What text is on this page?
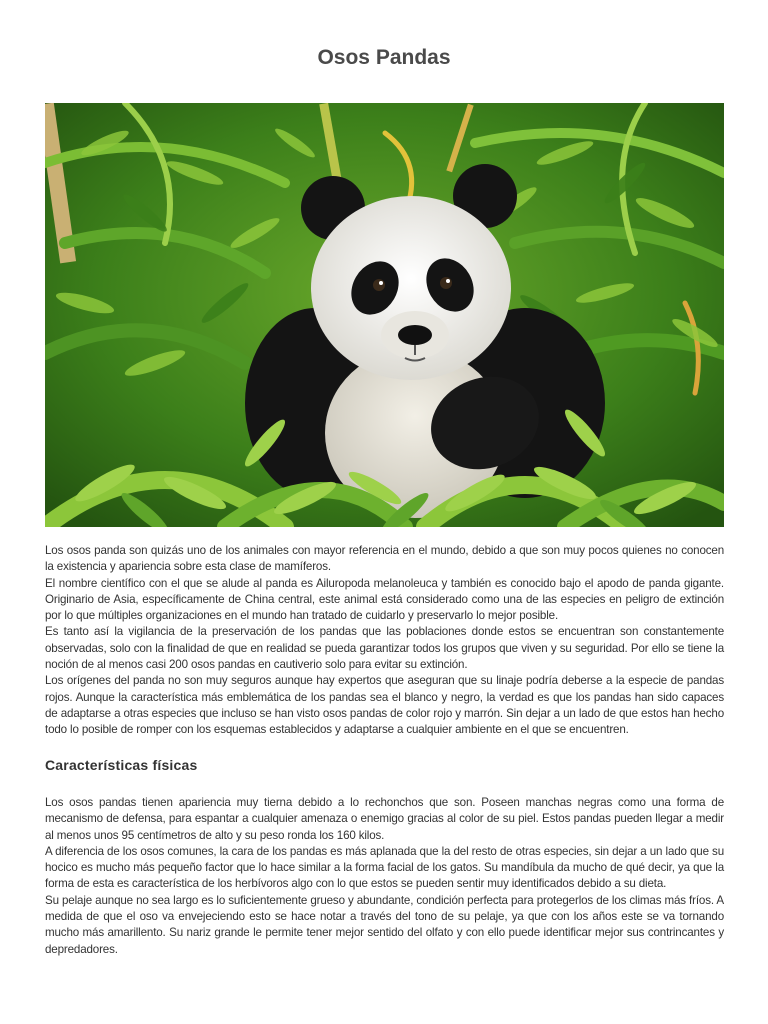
Osos Pandas

Los osos panda son quizás uno de los animales con mayor referencia en el mundo, debido a que son muy pocos quienes no conocen la existencia y apariencia sobre esta clase de mamíferos.

El nombre científico con el que se alude al panda es Ailuropoda melanoleuca y también es conocido bajo el apodo de panda gigante. Originario de Asia, específicamente de China central, este animal está considerado como una de las especies en peligro de extinción por lo que múltiples organizaciones en el mundo han tratado de cuidarlo y preservarlo lo mejor posible.

Es tanto así la vigilancia de la preservación de los pandas que las poblaciones donde estos se encuentran son constantemente observadas, solo con la finalidad de que en realidad se pueda garantizar todos los grupos que viven y su seguridad. Por ello se tiene la noción de al menos casi 200 osos pandas en cautiverio solo para evitar su extinción.

Los orígenes del panda no son muy seguros aunque hay expertos que aseguran que su linaje podría deberse a la especie de pandas rojos. Aunque la característica más emblemática de los pandas sea el blanco y negro, la verdad es que los pandas han sido capaces de adaptarse a otras especies que incluso se han visto osos pandas de color rojo y marrón. Sin dejar a un lado de que estos han hecho todo lo posible de romper con los esquemas establecidos y adaptarse a cualquier ambiente en el que se encuentren.

Características físicas

Los osos pandas tienen apariencia muy tierna debido a lo rechonchos que son. Poseen manchas negras como una forma de mecanismo de defensa, para espantar a cualquier amenaza o enemigo gracias al color de su piel. Estos pandas pueden llegar a medir al menos unos 95 centímetros de alto y su peso ronda los 160 kilos.

A diferencia de los osos comunes, la cara de los pandas es más aplanada que la del resto de otras especies, sin dejar a un lado que su hocico es mucho más pequeño factor que lo hace similar a la forma facial de los gatos. Su mandíbula da mucho de qué decir, ya que la forma de esta es característica de los herbívoros algo con lo que estos se pueden sentir muy identificados debido a su dieta.

Su pelaje aunque no sea largo es lo suficientemente grueso y abundante, condición perfecta para protegerlos de los climas más fríos. A medida de que el oso va envejeciendo esto se hace notar a través del tono de su pelaje, ya que con los años este se va tornando mucho más amarillento. Su nariz grande le permite tener mejor sentido del olfato y con ello puede identificar mejor sus contrincantes y depredadores.
